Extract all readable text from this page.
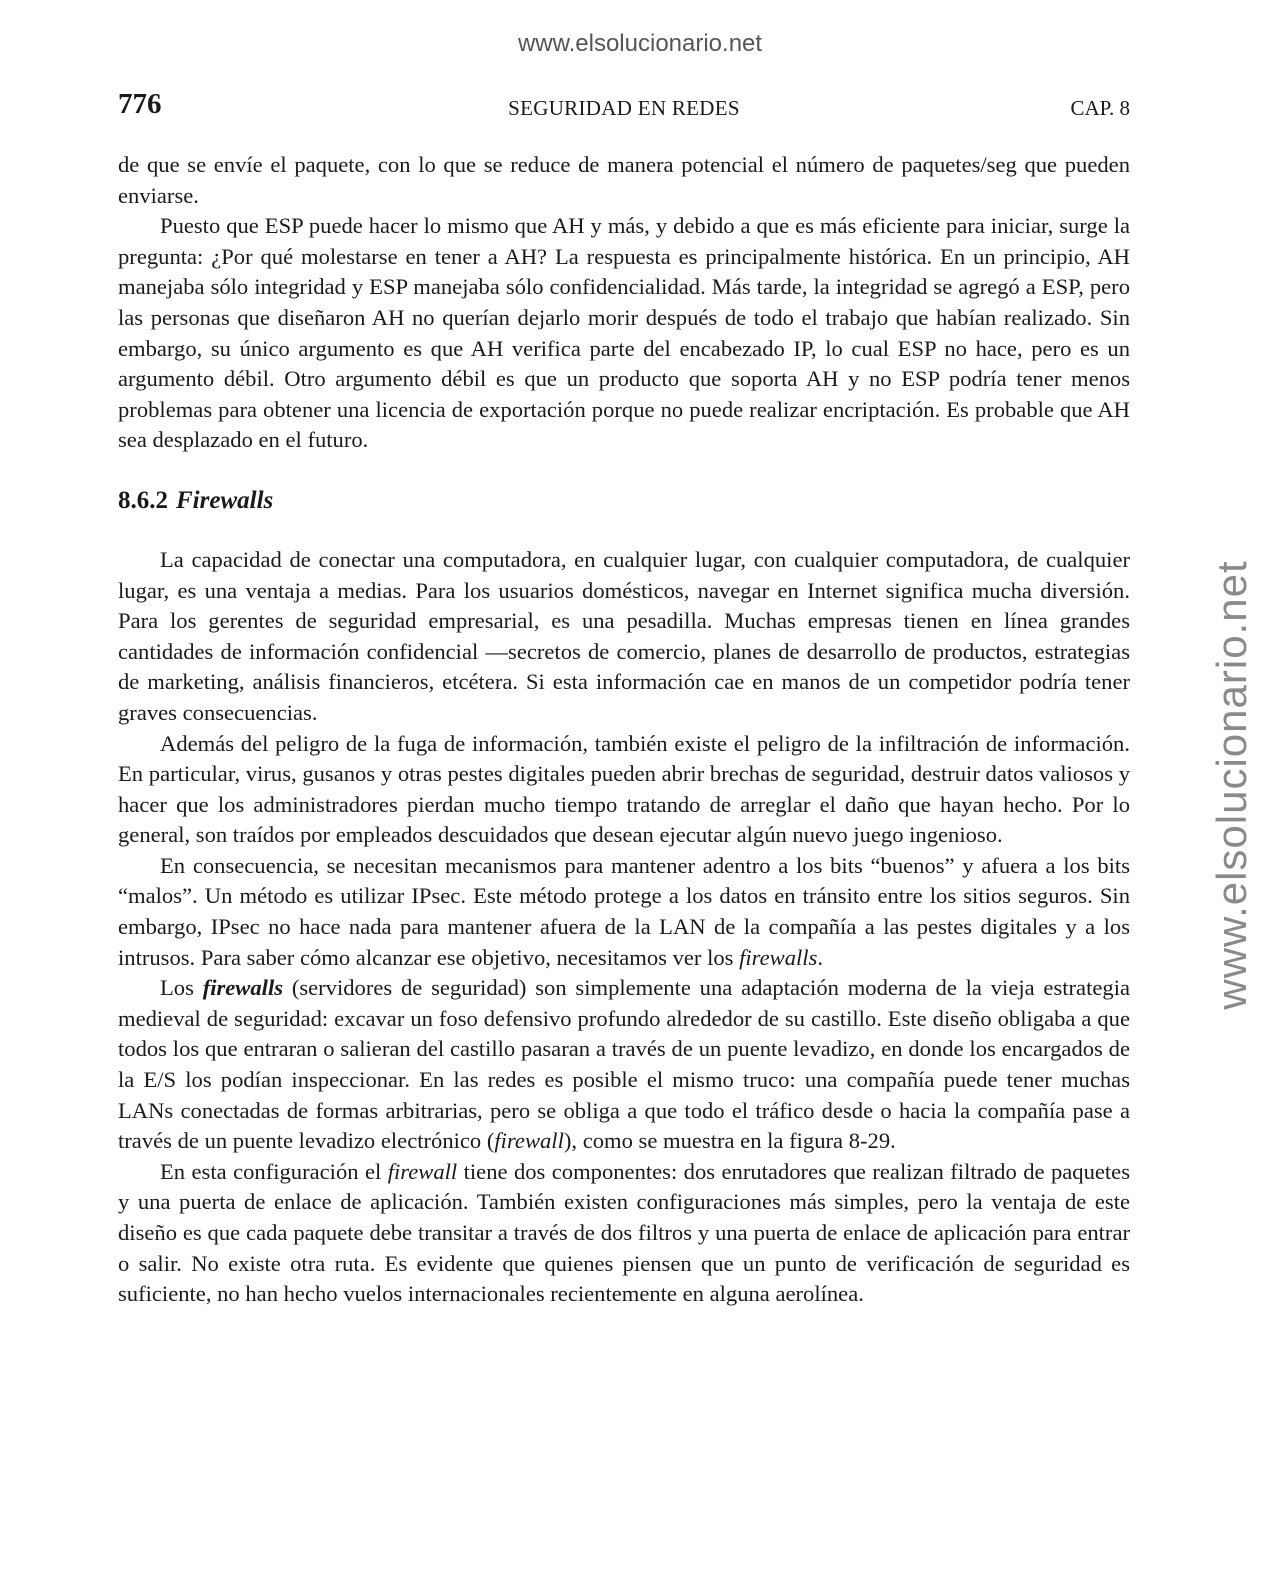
www.elsolucionario.net
www.elsolucionario.net
776	SEGURIDAD EN REDES	CAP. 8

de que se envíe el paquete, con lo que se reduce de manera potencial el número de paquetes/seg que pueden enviarse.

Puesto que ESP puede hacer lo mismo que AH y más, y debido a que es más eficiente para iniciar, surge la pregunta: ¿Por qué molestarse en tener a AH? La respuesta es principalmente histórica. En un principio, AH manejaba sólo integridad y ESP manejaba sólo confidencialidad. Más tarde, la integridad se agregó a ESP, pero las personas que diseñaron AH no querían dejarlo morir después de todo el trabajo que habían realizado. Sin embargo, su único argumento es que AH verifica parte del encabezado IP, lo cual ESP no hace, pero es un argumento débil. Otro argumento débil es que un producto que soporta AH y no ESP podría tener menos problemas para obtener una licencia de exportación porque no puede realizar encriptación. Es probable que AH sea desplazado en el futuro.

8.6.2 Firewalls

La capacidad de conectar una computadora, en cualquier lugar, con cualquier computadora, de cualquier lugar, es una ventaja a medias. Para los usuarios domésticos, navegar en Internet significa mucha diversión. Para los gerentes de seguridad empresarial, es una pesadilla. Muchas empresas tienen en línea grandes cantidades de información confidencial —secretos de comercio, planes de desarrollo de productos, estrategias de marketing, análisis financieros, etcétera. Si esta información cae en manos de un competidor podría tener graves consecuencias.

Además del peligro de la fuga de información, también existe el peligro de la infiltración de información. En particular, virus, gusanos y otras pestes digitales pueden abrir brechas de seguridad, destruir datos valiosos y hacer que los administradores pierdan mucho tiempo tratando de arreglar el daño que hayan hecho. Por lo general, son traídos por empleados descuidados que desean ejecutar algún nuevo juego ingenioso.

En consecuencia, se necesitan mecanismos para mantener adentro a los bits “buenos” y afuera a los bits “malos”. Un método es utilizar IPsec. Este método protege a los datos en tránsito entre los sitios seguros. Sin embargo, IPsec no hace nada para mantener afuera de la LAN de la compañía a las pestes digitales y a los intrusos. Para saber cómo alcanzar ese objetivo, necesitamos ver los firewalls.

Los firewalls (servidores de seguridad) son simplemente una adaptación moderna de la vieja estrategia medieval de seguridad: excavar un foso defensivo profundo alrededor de su castillo. Este diseño obligaba a que todos los que entraran o salieran del castillo pasaran a través de un puente levadizo, en donde los encargados de la E/S los podían inspeccionar. En las redes es posible el mismo truco: una compañía puede tener muchas LANs conectadas de formas arbitrarias, pero se obliga a que todo el tráfico desde o hacia la compañía pase a través de un puente levadizo electrónico (firewall), como se muestra en la figura 8-29.

En esta configuración el firewall tiene dos componentes: dos enrutadores que realizan filtrado de paquetes y una puerta de enlace de aplicación. También existen configuraciones más simples, pero la ventaja de este diseño es que cada paquete debe transitar a través de dos filtros y una puerta de enlace de aplicación para entrar o salir. No existe otra ruta. Es evidente que quienes piensen que un punto de verificación de seguridad es suficiente, no han hecho vuelos internacionales recientemente en alguna aerolínea.
